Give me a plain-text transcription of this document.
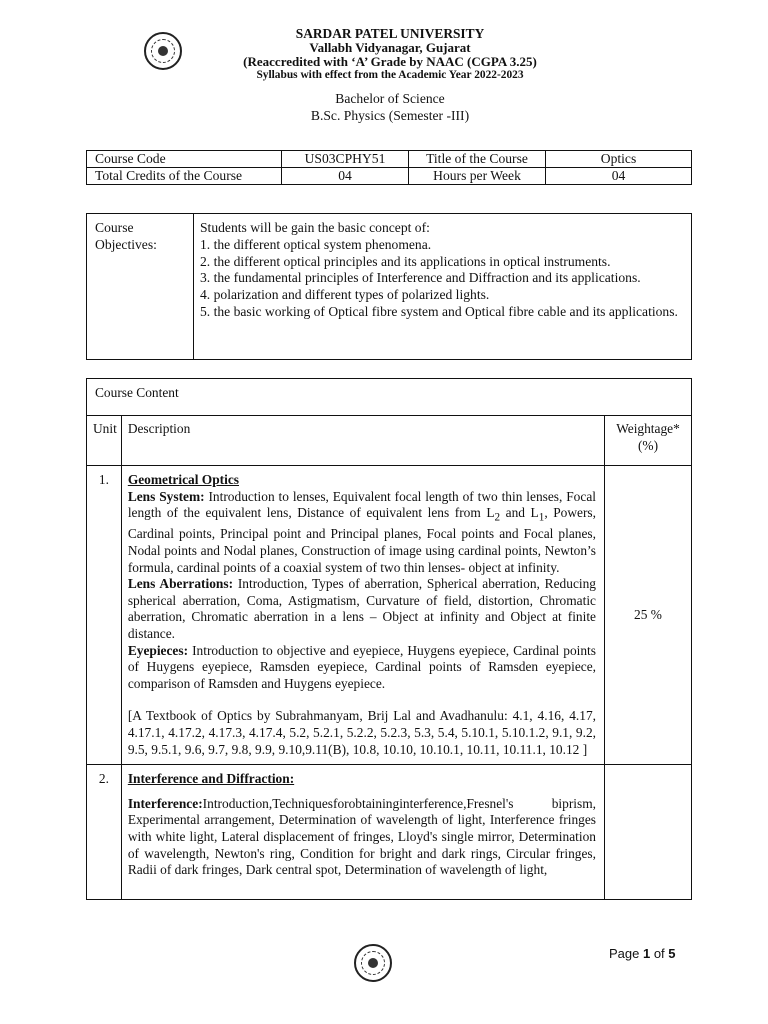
SARDAR PATEL UNIVERSITY
Vallabh Vidyanagar, Gujarat
(Reaccredited with ‘A’ Grade by NAAC (CGPA 3.25)
Syllabus with effect from the Academic Year 2022-2023
Bachelor of Science
B.Sc. Physics (Semester -III)
Course Code	US03CPHY51	Title of the Course	Optics
Total Credits of the Course	04	Hours per Week	04
Course
Objectives:

Students will be gain the basic concept of:
1. the different optical system phenomena.
2. the different optical principles and its applications in optical instruments.
3. the fundamental principles of Interference and Diffraction and its applications.
4. polarization and different types of polarized lights.
5. the basic working of Optical fibre system and Optical fibre cable and its applications.
Course Content		
Unit	Description	Weightage*
(%)

1.	Geometrical Optics
Lens System: Introduction to lenses, Equivalent focal length of two thin lenses, Focal length of the equivalent lens, Distance of equivalent lens from $L_2$ and $L_1$, Powers, Cardinal points, Principal point and Principal planes, Focal points and Focal planes, Nodal points and Nodal planes, Construction of image using cardinal points, Newton’s formula, cardinal points of a coaxial system of two thin lenses- object at infinity.
Lens Aberrations: Introduction, Types of aberration, Spherical aberration, Reducing spherical aberration, Coma, Astigmatism, Curvature of field, distortion, Chromatic aberration, Chromatic aberration in a lens – Object at infinity and Object at finite distance.
Eyepieces: Introduction to objective and eyepiece, Huygens eyepiece, Cardinal points of Huygens eyepiece, Ramsden eyepiece, Cardinal points of Ramsden eyepiece, comparison of Ramsden and Huygens eyepiece.
[A Textbook of Optics by Subrahmanyam, Brij Lal and Avadhanulu: 4.1, 4.16, 4.17, 4.17.1, 4.17.2, 4.17.3, 4.17.4, 5.2, 5.2.1, 5.2.2, 5.2.3, 5.3, 5.4, 5.10.1, 5.10.1.2, 9.1, 9.2, 9.5, 9.5.1, 9.6, 9.7, 9.8, 9.9, 9.10,9.11(B), 10.8, 10.10, 10.10.1, 10.11, 10.11.1, 10.12 ]	25 %
2.	Interference and Diffraction:
Interference:Introduction,Techniquesforobtaininginterference,Fresnel's biprism, Experimental arrangement, Determination of wavelength of light, Interference fringes with white light, Lateral displacement of fringes, Lloyd's single mirror, Determination of wavelength, Newton's ring, Condition for bright and dark rings, Circular fringes, Radii of dark fringes, Dark central spot, Determination of wavelength of light,	

Page 1 of 5
